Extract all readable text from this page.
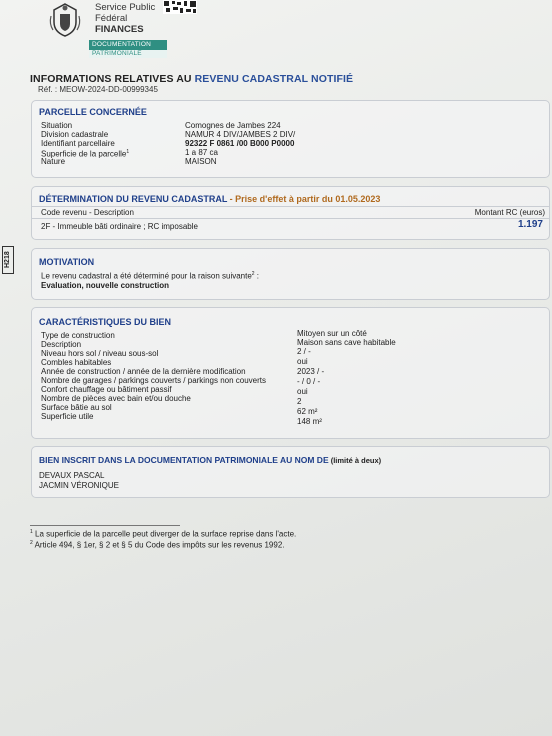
Service Public
Fédéral
FINANCES
DOCUMENTATION
PATRIMONIALE
H218
INFORMATIONS RELATIVES AU REVENU CADASTRAL NOTIFIÉ
Réf. : MEOW-2024-DD-00999345
PARCELLE CONCERNÉE
Situation
Division cadastrale
Identifiant parcellaire
Superficie de la parcelle$^1$
Nature
Comognes de Jambes 224
NAMUR 4 DIV/JAMBES 2 DIV/
92322 F 0861 /00 B000 P0000
1 a 87 ca
MAISON
DÉTERMINATION DU REVENU CADASTRAL - Prise d'effet à partir du 01.05.2023
Code revenu - Description	Montant RC (euros)
2F - Immeuble bâti ordinaire ; RC imposable	1.197
MOTIVATION
Le revenu cadastral a été déterminé pour la raison suivante$^2$ :
Evaluation, nouvelle construction
CARACTÉRISTIQUES DU BIEN
Type de construction
Description
Niveau hors sol / niveau sous-sol
Combles habitables
Année de construction / année de la dernière modification
Nombre de garages / parkings couverts / parkings non couverts
Confort chauffage ou bâtiment passif
Nombre de pièces avec bain et/ou douche
Surface bâtie au sol
Superficie utile
Mitoyen sur un côté
Maison sans cave habitable
2 / -
oui
2023 / -
- / 0 / -
oui
2
62 m²
148 m²
BIEN INSCRIT DANS LA DOCUMENTATION PATRIMONIALE AU NOM DE (limité à deux)
DEVAUX PASCAL
JACMIN VÉRONIQUE
$^1$ La superficie de la parcelle peut diverger de la surface reprise dans l'acte.
$^2$ Article 494, § 1er, § 2 et § 5 du Code des impôts sur les revenus 1992.
